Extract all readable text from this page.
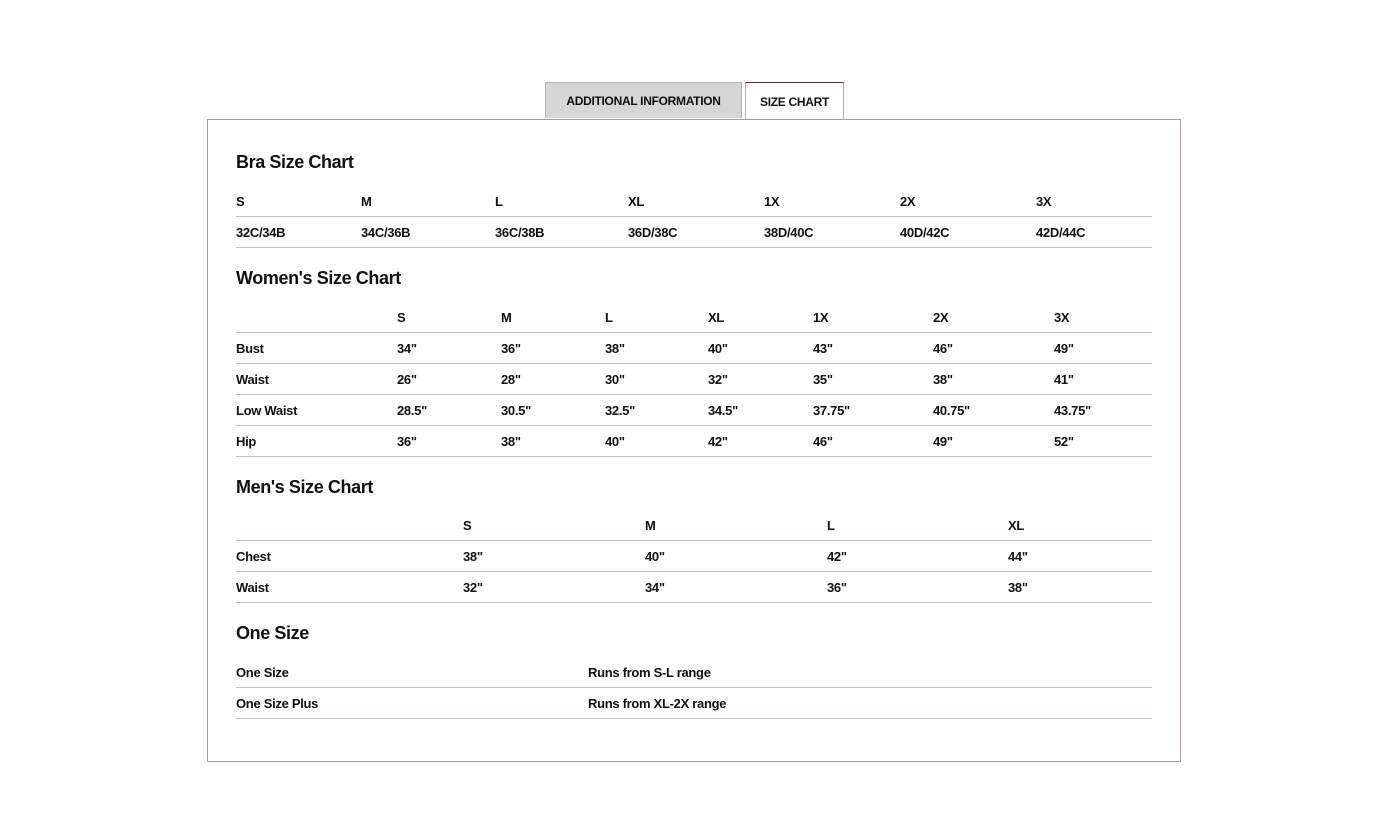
ADDITIONAL INFORMATION	SIZE CHART
Bra Size Chart
S	M	L	XL	1X	2X	3X
32C/34B	34C/36B	36C/38B	36D/38C	38D/40C	40D/42C	42D/44C
Women's Size Chart
	S	M	L	XL	1X	2X	3X
Bust	34"	36"	38"	40"	43"	46"	49"
Waist	26"	28"	30"	32"	35"	38"	41"
Low Waist	28.5"	30.5"	32.5"	34.5"	37.75"	40.75"	43.75"
Hip	36"	38"	40"	42"	46"	49"	52"
Men's Size Chart
	S	M	L	XL
Chest	38"	40"	42"	44"
Waist	32"	34"	36"	38"
One Size
One Size	Runs from S-L range
One Size Plus	Runs from XL-2X range
